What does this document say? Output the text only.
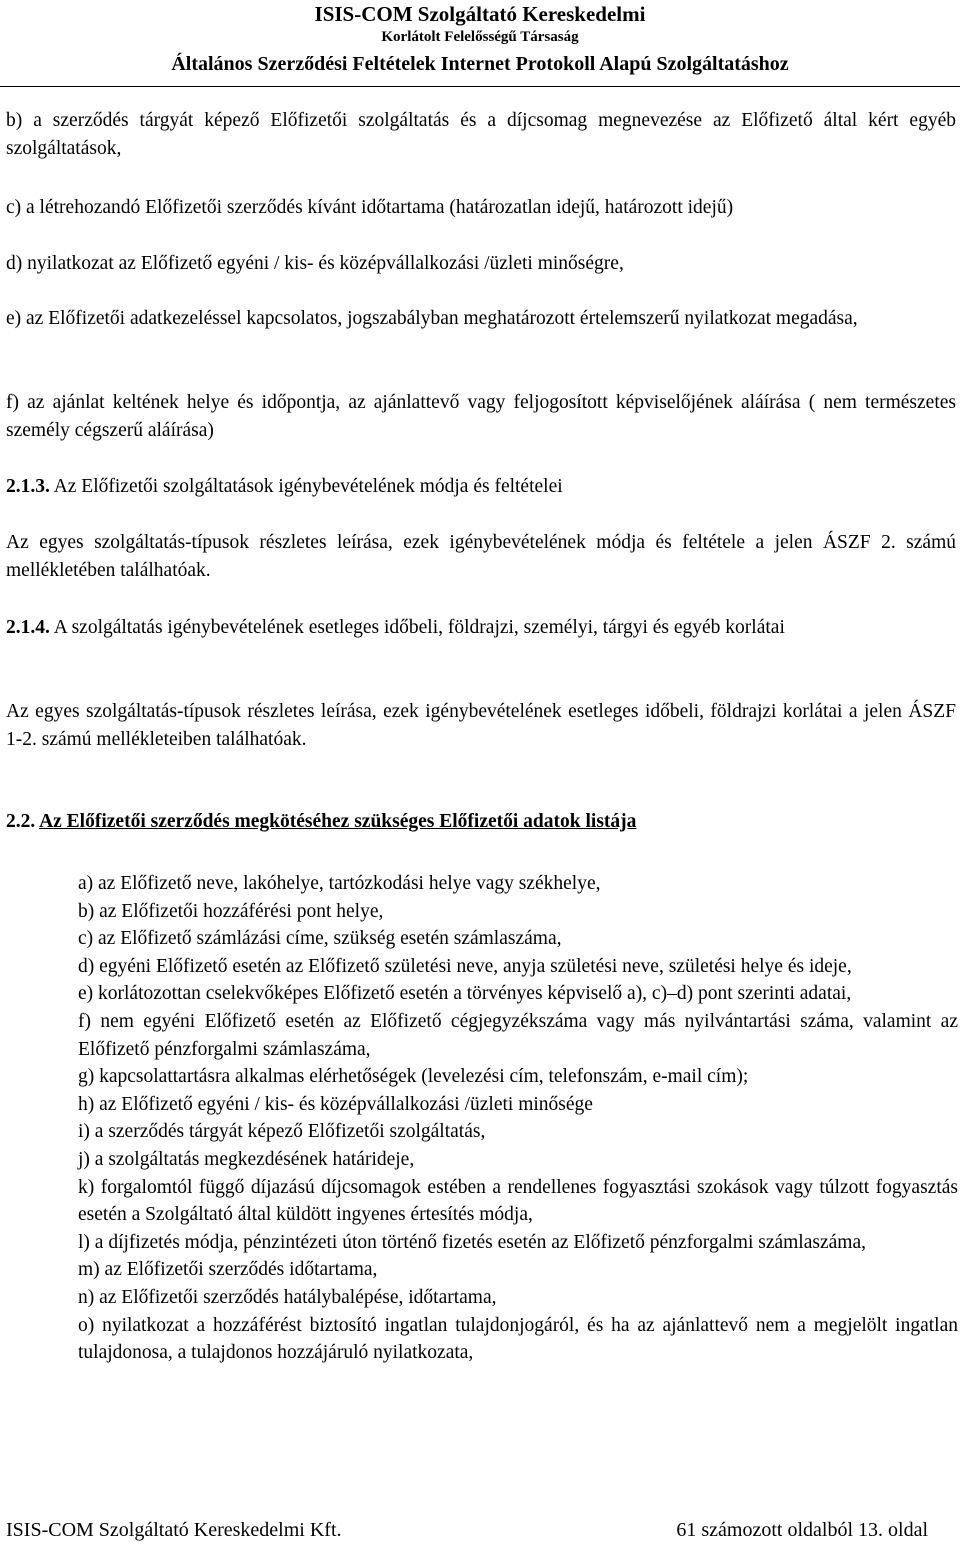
ISIS-COM Szolgáltató Kereskedelmi
Korlátolt Felelősségű Társaság
Általános Szerződési Feltételek Internet Protokoll Alapú Szolgáltatáshoz
b) a szerződés tárgyát képező Előfizetői szolgáltatás és a díjcsomag megnevezése az Előfizető által kért egyéb szolgáltatások,
c) a létrehozandó Előfizetői szerződés kívánt időtartama (határozatlan idejű, határozott idejű)
d) nyilatkozat az Előfizető egyéni / kis- és középvállalkozási /üzleti minőségre,
e) az Előfizetői adatkezeléssel kapcsolatos, jogszabályban meghatározott értelemszerű nyilatkozat megadása,
f) az ajánlat keltének helye és időpontja, az ajánlattevő vagy feljogosított képviselőjének aláírása ( nem természetes személy cégszerű aláírása)
2.1.3. Az Előfizetői szolgáltatások igénybevételének módja és feltételei
Az egyes szolgáltatás-típusok részletes leírása, ezek igénybevételének módja és feltétele a jelen ÁSZF 2. számú mellékletében találhatóak.
2.1.4. A szolgáltatás igénybevételének esetleges időbeli, földrajzi, személyi, tárgyi és egyéb korlátai
Az egyes szolgáltatás-típusok részletes leírása, ezek igénybevételének esetleges időbeli, földrajzi korlátai a jelen ÁSZF 1-2. számú mellékleteiben találhatóak.
2.2. Az Előfizetői szerződés megkötéséhez szükséges Előfizetői adatok listája
a) az Előfizető neve, lakóhelye, tartózkodási helye vagy székhelye,
b) az Előfizetői hozzáférési pont helye,
c) az Előfizető számlázási címe, szükség esetén számlaszáma,
d) egyéni Előfizető esetén az Előfizető születési neve, anyja születési neve, születési helye és ideje,
e) korlátozottan cselekvőképes Előfizető esetén a törvényes képviselő a), c)–d) pont szerinti adatai,
f) nem egyéni Előfizető esetén az Előfizető cégjegyzékszáma vagy más nyilvántartási száma, valamint az Előfizető pénzforgalmi számlaszáma,
g) kapcsolattartásra alkalmas elérhetőségek (levelezési cím, telefonszám, e-mail cím);
h) az Előfizető egyéni / kis- és középvállalkozási /üzleti minősége
i) a szerződés tárgyát képező Előfizetői szolgáltatás,
j) a szolgáltatás megkezdésének határideje,
k) forgalomtól függő díjazású díjcsomagok estében a rendellenes fogyasztási szokások vagy túlzott fogyasztás esetén a Szolgáltató által küldött ingyenes értesítés módja,
l) a díjfizetés módja, pénzintézeti úton történő fizetés esetén az Előfizető pénzforgalmi számlaszáma,
m) az Előfizetői szerződés időtartama,
n) az Előfizetői szerződés hatálybalépése, időtartama,
o) nyilatkozat a hozzáférést biztosító ingatlan tulajdonjogáról, és ha az ajánlattevő nem a megjelölt ingatlan tulajdonosa, a tulajdonos hozzájáruló nyilatkozata,
ISIS-COM Szolgáltató Kereskedelmi Kft.	61 számozott oldalból 13. oldal
